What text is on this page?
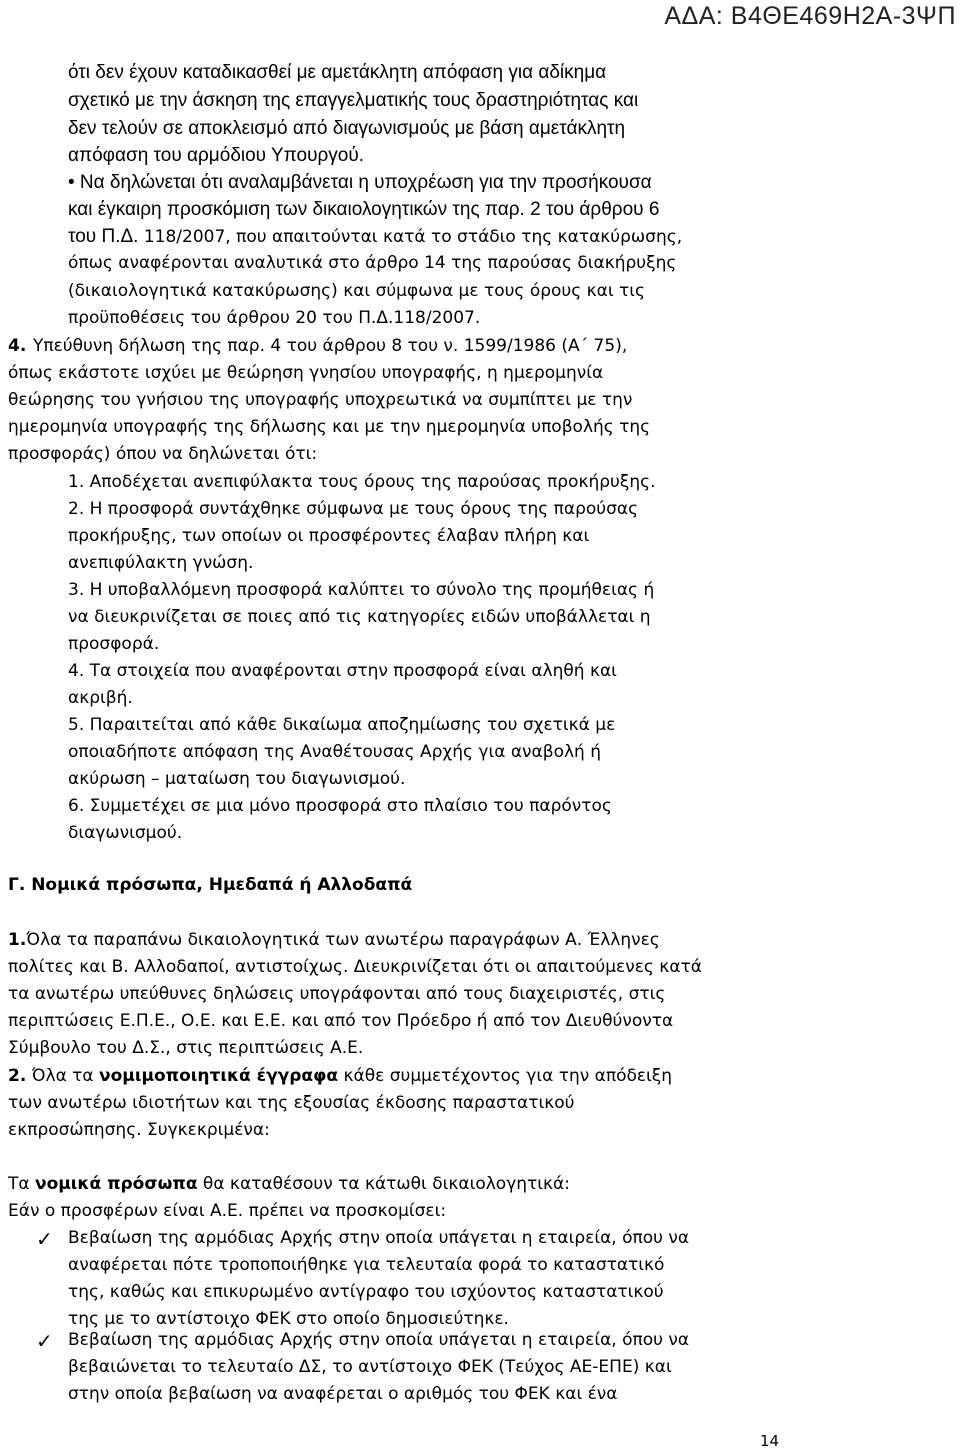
ΑΔΑ: Β4ΘΕ469Η2Α-3ΨΠ
ότι δεν έχουν καταδικασθεί με αμετάκλητη απόφαση για αδίκημα
σχετικό με την άσκηση της επαγγελματικής τους δραστηριότητας και
δεν τελούν σε αποκλεισμό από διαγωνισμούς με βάση αμετάκλητη
απόφαση του αρμόδιου Υπουργού.
• Να δηλώνεται ότι αναλαμβάνεται η υποχρέωση για την προσήκουσα
και έγκαιρη προσκόμιση των δικαιολογητικών της παρ. 2 του άρθρου 6
του Π.Δ. 118/2007, που απαιτούνται κατά το στάδιο της κατακύρωσης,
όπως αναφέρονται αναλυτικά στο άρθρο 14 της παρούσας διακήρυξης
(δικαιολογητικά κατακύρωσης) και σύμφωνα με τους όρους και τις
προϋποθέσεις του άρθρου 20 του Π.Δ.118/2007.
4. Υπεύθυνη δήλωση της παρ. 4 του άρθρου 8 του ν. 1599/1986 (Α΄ 75),
όπως εκάστοτε ισχύει με θεώρηση γνησίου υπογραφής, η ημερομηνία
θεώρησης του γνήσιου της υπογραφής υποχρεωτικά να συμπίπτει με την
ημερομηνία υπογραφής της δήλωσης και με την ημερομηνία υποβολής της
προσφοράς) όπου να δηλώνεται ότι:
1. Αποδέχεται ανεπιφύλακτα τους όρους της παρούσας προκήρυξης.
2. Η προσφορά συντάχθηκε σύμφωνα με τους όρους της παρούσας
προκήρυξης, των οποίων οι προσφέροντες έλαβαν πλήρη και
ανεπιφύλακτη γνώση.
3. Η υποβαλλόμενη προσφορά καλύπτει το σύνολο της προμήθειας ή
να διευκρινίζεται σε ποιες από τις κατηγορίες ειδών υποβάλλεται η
προσφορά.
4. Τα στοιχεία που αναφέρονται στην προσφορά είναι αληθή και
ακριβή.
5. Παραιτείται από κάθε δικαίωμα αποζημίωσης του σχετικά με
οποιαδήποτε απόφαση της Αναθέτουσας Αρχής για αναβολή ή
ακύρωση – ματαίωση του διαγωνισμού.
6. Συμμετέχει σε μια μόνο προσφορά στο πλαίσιο του παρόντος
διαγωνισμού.
Γ. Νομικά πρόσωπα, Ημεδαπά ή Αλλοδαπά
1.Όλα τα παραπάνω δικαιολογητικά των ανωτέρω παραγράφων Α. Έλληνες
πολίτες και Β. Αλλοδαποί, αντιστοίχως. Διευκρινίζεται ότι οι απαιτούμενες κατά
τα ανωτέρω υπεύθυνες δηλώσεις υπογράφονται από τους διαχειριστές, στις
περιπτώσεις Ε.Π.Ε., Ο.Ε. και Ε.Ε. και από τον Πρόεδρο ή από τον Διευθύνοντα
Σύμβουλο του Δ.Σ., στις περιπτώσεις Α.Ε.
2. Όλα τα νομιμοποιητικά έγγραφα κάθε συμμετέχοντος για την απόδειξη
των ανωτέρω ιδιοτήτων και της εξουσίας έκδοσης παραστατικού
εκπροσώπησης. Συγκεκριμένα:
Τα νομικά πρόσωπα θα καταθέσουν τα κάτωθι δικαιολογητικά:
Εάν ο προσφέρων είναι Α.Ε. πρέπει να προσκομίσει:
✓ Βεβαίωση της αρμόδιας Αρχής στην οποία υπάγεται η εταιρεία, όπου να
αναφέρεται πότε τροποποιήθηκε για τελευταία φορά το καταστατικό
της, καθώς και επικυρωμένο αντίγραφο του ισχύοντος καταστατικού
της με το αντίστοιχο ΦΕΚ στο οποίο δημοσιεύτηκε.
✓ Βεβαίωση της αρμόδιας Αρχής στην οποία υπάγεται η εταιρεία, όπου να
βεβαιώνεται το τελευταίο ΔΣ, το αντίστοιχο ΦΕΚ (Τεύχος ΑΕ-ΕΠΕ) και
στην οποία βεβαίωση να αναφέρεται ο αριθμός του ΦΕΚ και ένα
14
